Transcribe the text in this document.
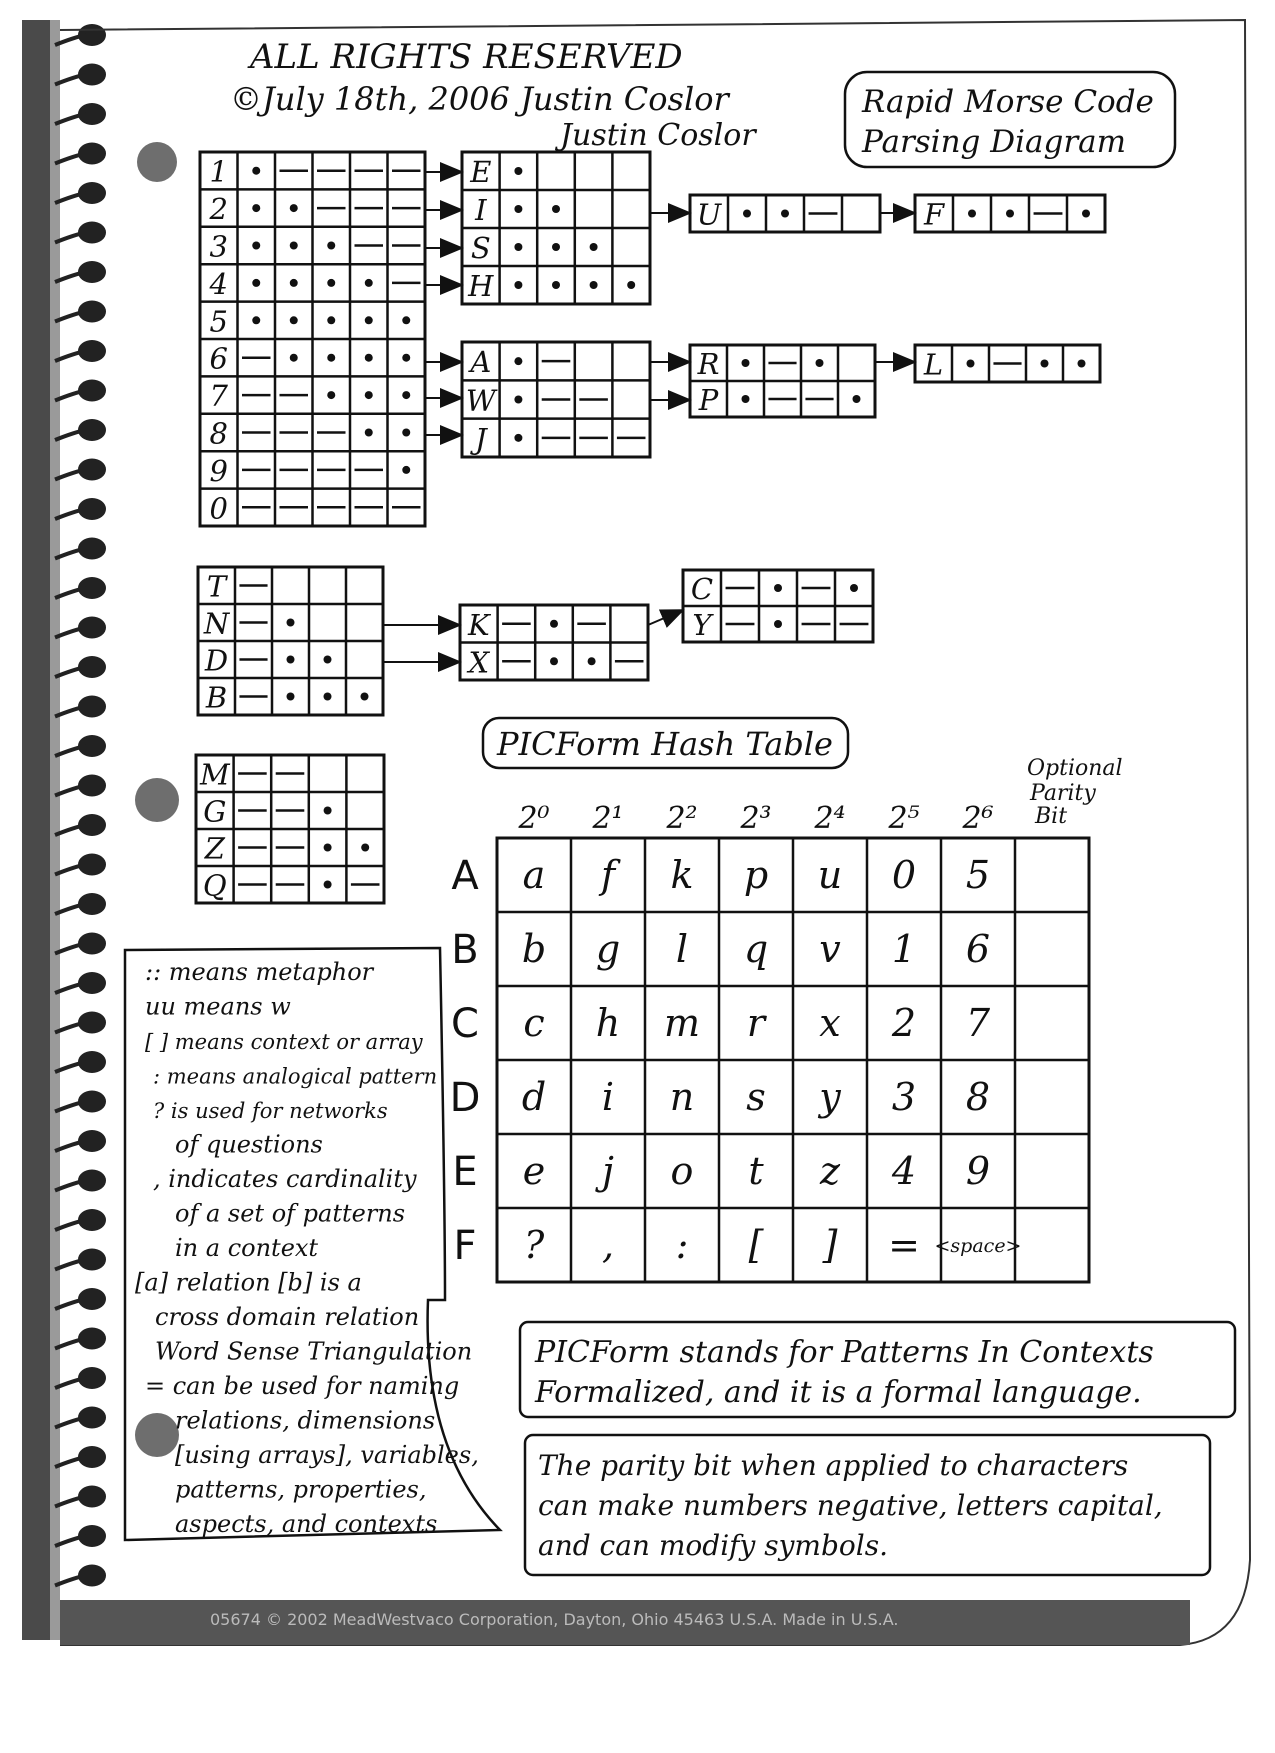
05674 © 2002 MeadWestvaco Corporation, Dayton, Ohio 45463 U.S.A. Made in U.S.A.
ALL RIGHTS RESERVED
©July 18th, 2006 Justin Coslor
Justin Coslor
Rapid Morse Code
Parsing Diagram
1
2
3
4
5
6
7
8
9
0
E
I
S
H
U	F
A
W
J
R
P
L
T
N
D
B
K
X
C
Y
M
G
Z
Q
PICForm Hash Table
Optional
Parity
Bit
2⁰ 2¹ 2² 2³ 2⁴ 2⁵ 2⁶
A
B
C
D
E
F
a f k p u 0 5
b g l q v 1 6
c h m r x 2 7
d i n s y 3 8
e j o t z 4 9
? , : [ ] = <space>
:: means metaphor
uu means w
[ ] means context or array
: means analogical pattern
? is used for networks
of questions
, indicates cardinality
of a set of patterns
in a context
[a] relation [b] is a
cross domain relation
Word Sense Triangulation
= can be used for naming
relations, dimensions
[using arrays], variables,
patterns, properties,
aspects, and contexts
PICForm stands for Patterns In Contexts
Formalized, and it is a formal language.
The parity bit when applied to characters
can make numbers negative, letters capital,
and can modify symbols.
